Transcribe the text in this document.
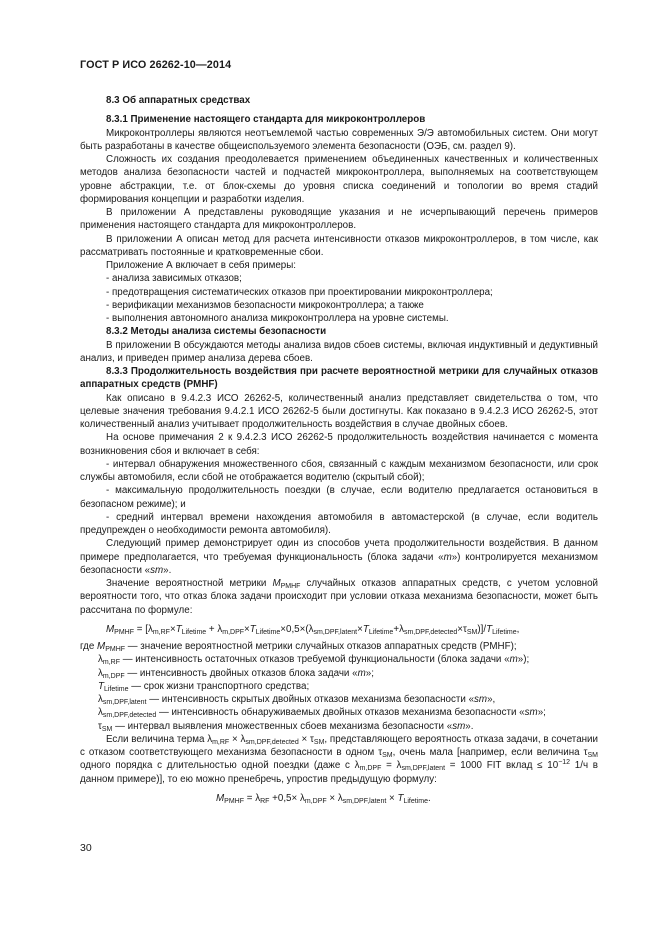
ГОСТ Р ИСО 26262-10—2014

8.3 Об аппаратных средствах

8.3.1 Применение настоящего стандарта для микроконтроллеров

Микроконтроллеры являются неотъемлемой частью современных Э/Э автомобильных систем. Они могут быть разработаны в качестве общеиспользуемого элемента безопасности (ОЭБ, см. раздел 9).

Сложность их создания преодолевается применением объединенных качественных и количественных методов анализа безопасности частей и подчастей микроконтроллера, выполняемых на соответствующем уровне абстракции, т.е. от блок-схемы до уровня списка соединений и топологии во время стадий формирования концепции и разработки изделия.

В приложении А представлены руководящие указания и не исчерпывающий перечень примеров применения настоящего стандарта для микроконтроллеров.

В приложении А описан метод для расчета интенсивности отказов микроконтроллеров, в том числе, как рассматривать постоянные и кратковременные сбои.

Приложение А включает в себя примеры:

- анализа зависимых отказов;

- предотвращения систематических отказов при проектировании микроконтроллера;

- верификации механизмов безопасности микроконтроллера; а также

- выполнения автономного анализа микроконтроллера на уровне системы.

8.3.2 Методы анализа системы безопасности

В приложении В обсуждаются методы анализа видов сбоев системы, включая индуктивный и дедуктивный анализ, и приведен пример анализа дерева сбоев.

8.3.3 Продолжительность воздействия при расчете вероятностной метрики для случайных отказов аппаратных средств (PMHF)

Как описано в 9.4.2.3 ИСО 26262-5, количественный анализ представляет свидетельства о том, что целевые значения требования 9.4.2.1 ИСО 26262-5 были достигнуты. Как показано в 9.4.2.3 ИСО 26262-5, этот количественный анализ учитывает продолжительность воздействия в случае двойных сбоев.

На основе примечания 2 к 9.4.2.3 ИСО 26262-5 продолжительность воздействия начинается с момента возникновения сбоя и включает в себя:

- интервал обнаружения множественного сбоя, связанный с каждым механизмом безопасности, или срок службы автомобиля, если сбой не отображается водителю (скрытый сбой);

- максимальную продолжительность поездки (в случае, если водителю предлагается остановиться в безопасном режиме); и

- средний интервал времени нахождения автомобиля в автомастерской (в случае, если водитель предупрежден о необходимости ремонта автомобиля).

Следующий пример демонстрирует один из способов учета продолжительности воздействия. В данном примере предполагается, что требуемая функциональность (блока задачи «m») контролируется механизмом безопасности «sm».

Значение вероятностной метрики $M_{PMHF}$ случайных отказов аппаратных средств, с учетом условной вероятности того, что отказ блока задачи происходит при условии отказа механизма безопасности, может быть рассчитана по формуле:

$M_{PMHF} = [\lambda_{m,RF}\times T_{Lifetime} + \lambda_{m,DPF}\times T_{Lifetime}\times 0,5\times(\lambda_{sm,DPF,latent}\times T_{Lifetime}+\lambda_{sm,DPF,detected}\times\tau_{SM})]/T_{Lifetime}$,

где $M_{PMHF}$ — значение вероятностной метрики случайных отказов аппаратных средств (PMHF);

$\lambda_{m,RF}$ — интенсивность остаточных отказов требуемой функциональности (блока задачи «m»);

$\lambda_{m,DPF}$ — интенсивность двойных отказов блока задачи «m»;

$T_{Lifetime}$ — срок жизни транспортного средства;

$\lambda_{sm,DPF,latent}$ — интенсивность скрытых двойных отказов механизма безопасности «sm»,

$\lambda_{sm,DPF,detected}$ — интенсивность обнаруживаемых двойных отказов механизма безопасности «sm»;

$\tau_{SM}$ — интервал выявления множественных сбоев механизма безопасности «sm».

Если величина терма $\lambda_{m,RF} \times \lambda_{sm,DPF,detected} \times \tau_{SM}$, представляющего вероятность отказа задачи, в сочетании с отказом соответствующего механизма безопасности в одном $\tau_{SM}$, очень мала [например, если величина $\tau_{SM}$ одного порядка с длительностью одной поездки (даже с $\lambda_{m,DPF} = \lambda_{sm,DPF,latent} = 1000$ FIT вклад ≤ $10^{-12}$ 1/ч в данном примере)], то ею можно пренебречь, упростив предыдущую формулу:

$M_{PMHF} = \lambda_{RF} +0,5\times \lambda_{m,DPF} \times \lambda_{sm,DPF,latent} \times T_{Lifetime}$.
30
